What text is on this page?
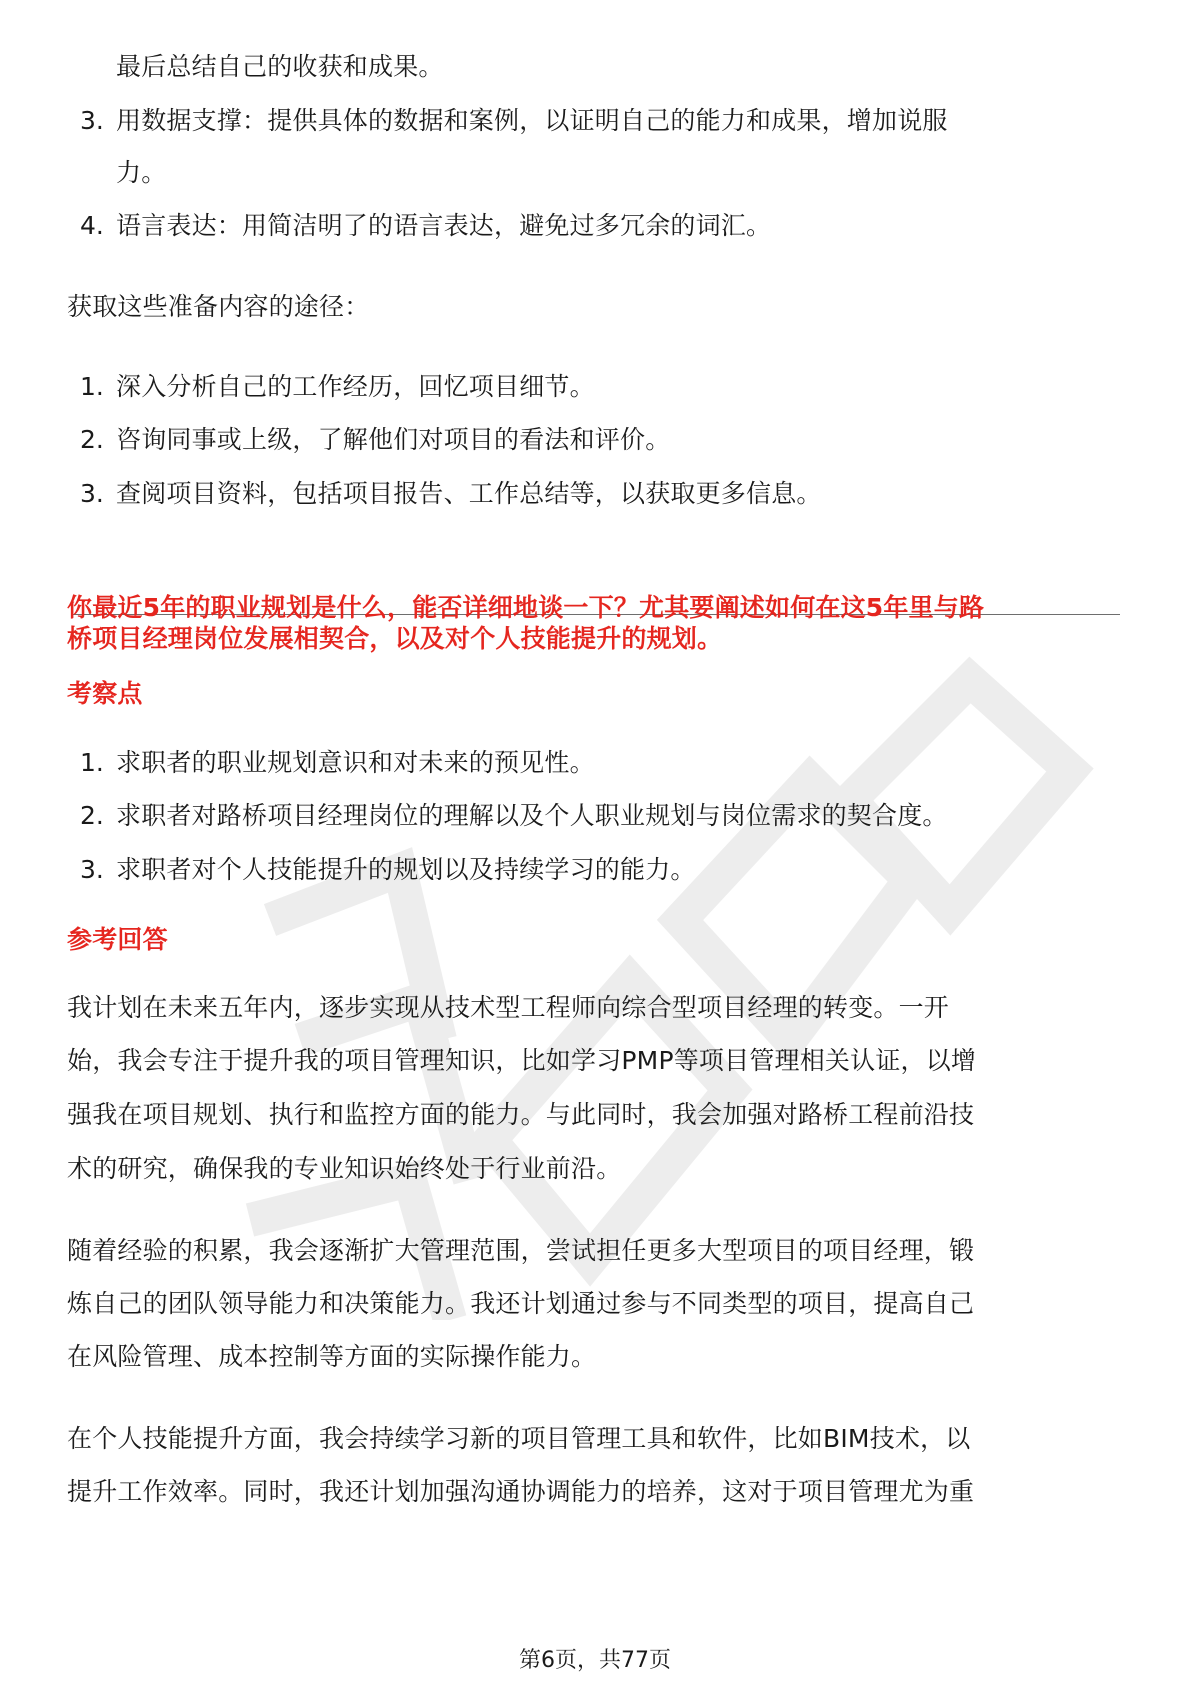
最后总结自己的收获和成果。
3. 用数据支撑：提供具体的数据和案例，以证明自己的能力和成果，增加说服
力。
4. 语言表达：用简洁明了的语言表达，避免过多冗余的词汇。
获取这些准备内容的途径：
1. 深入分析自己的工作经历，回忆项目细节。
2. 咨询同事或上级，了解他们对项目的看法和评价。
3. 查阅项目资料，包括项目报告、工作总结等，以获取更多信息。
你最近5年的职业规划是什么，能否详细地谈一下？尤其要阐述如何在这5年里与路
桥项目经理岗位发展相契合，以及对个人技能提升的规划。
考察点
1. 求职者的职业规划意识和对未来的预见性。
2. 求职者对路桥项目经理岗位的理解以及个人职业规划与岗位需求的契合度。
3. 求职者对个人技能提升的规划以及持续学习的能力。
参考回答
我计划在未来五年内，逐步实现从技术型工程师向综合型项目经理的转变。一开
始，我会专注于提升我的项目管理知识，比如学习PMP等项目管理相关认证，以增
强我在项目规划、执行和监控方面的能力。与此同时，我会加强对路桥工程前沿技
术的研究，确保我的专业知识始终处于行业前沿。
随着经验的积累，我会逐渐扩大管理范围，尝试担任更多大型项目的项目经理，锻
炼自己的团队领导能力和决策能力。我还计划通过参与不同类型的项目，提高自己
在风险管理、成本控制等方面的实际操作能力。
在个人技能提升方面，我会持续学习新的项目管理工具和软件，比如BIM技术，以
提升工作效率。同时，我还计划加强沟通协调能力的培养，这对于项目管理尤为重
第6页，共77页
